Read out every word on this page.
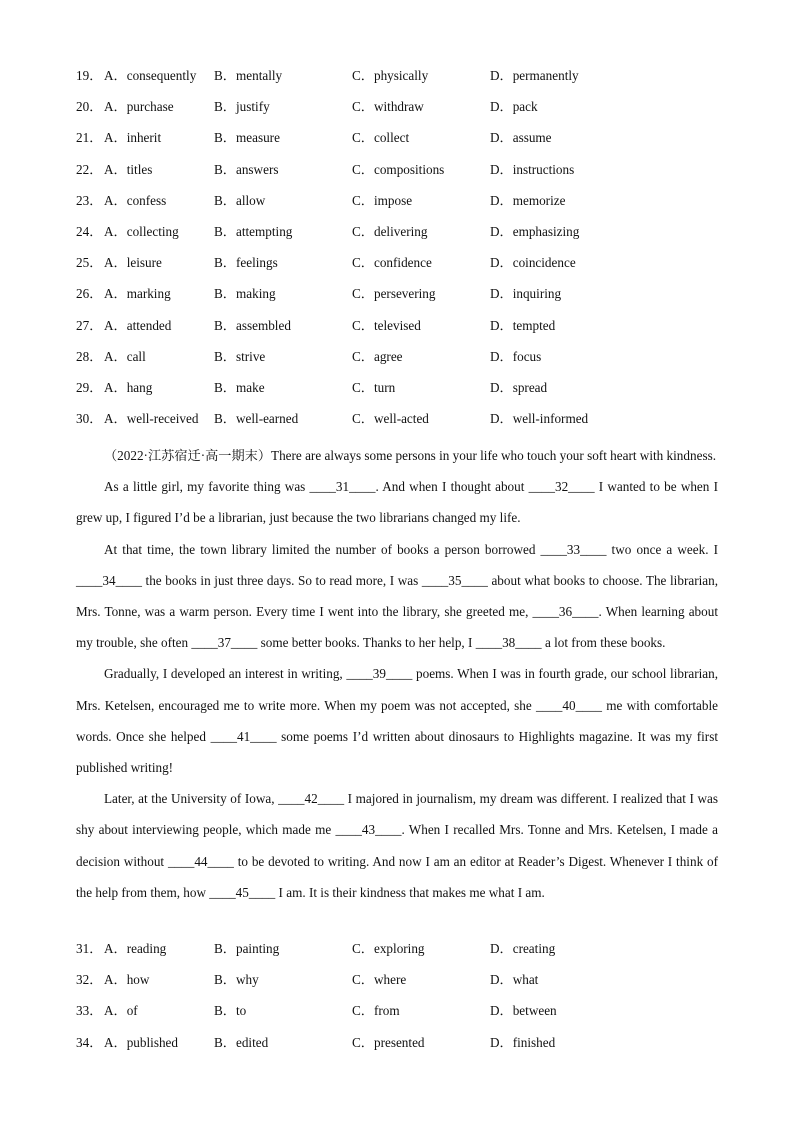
19． A．consequently B．mentally	C．physically	D．permanently
20． A．purchase	B．justify	C．withdraw	D．pack
21． A．inherit	B．measure	C．collect	D．assume
22． A．titles	B．answers	C．compositions	D．instructions
23． A．confess	B．allow	C．impose	D．memorize
24． A．collecting	B．attempting	C．delivering	D．emphasizing
25． A．leisure	B．feelings	C．confidence	D．coincidence
26． A．marking	B．making	C．persevering	D．inquiring
27． A．attended	B．assembled	C．televised	D．tempted
28． A．call	B．strive	C．agree	D．focus
29． A．hang	B．make	C．turn	D．spread
30． A．well-received B．well-earned	C．well-acted	D．well-informed

（2022·江苏宿迁·高一期末）There are always some persons in your life who touch your soft heart with kindness.

As a little girl, my favorite thing was ____31____. And when I thought about ____32____ I wanted to be when I grew up, I figured I’d be a librarian, just because the two librarians changed my life.

At that time, the town library limited the number of books a person borrowed ____33____ two once a week. I ____34____ the books in just three days. So to read more, I was ____35____ about what books to choose. The librarian, Mrs. Tonne, was a warm person. Every time I went into the library, she greeted me, ____36____. When learning about my trouble, she often ____37____ some better books. Thanks to her help, I ____38____ a lot from these books.

Gradually, I developed an interest in writing, ____39____ poems. When I was in fourth grade, our school librarian, Mrs. Ketelsen, encouraged me to write more. When my poem was not accepted, she ____40____ me with comfortable words. Once she helped ____41____ some poems I’d written about dinosaurs to Highlights magazine. It was my first published writing!

Later, at the University of Iowa, ____42____ I majored in journalism, my dream was different. I realized that I was shy about interviewing people, which made me ____43____. When I recalled Mrs. Tonne and Mrs. Ketelsen, I made a decision without ____44____ to be devoted to writing. And now I am an editor at Reader’s Digest. Whenever I think of the help from them, how ____45____ I am. It is their kindness that makes me what I am.

31． A．reading	B．painting	C．exploring	D．creating
32． A．how	B．why	C．where	D．what
33． A．of	B．to	C．from	D．between
34． A．published	B．edited	C．presented	D．finished
